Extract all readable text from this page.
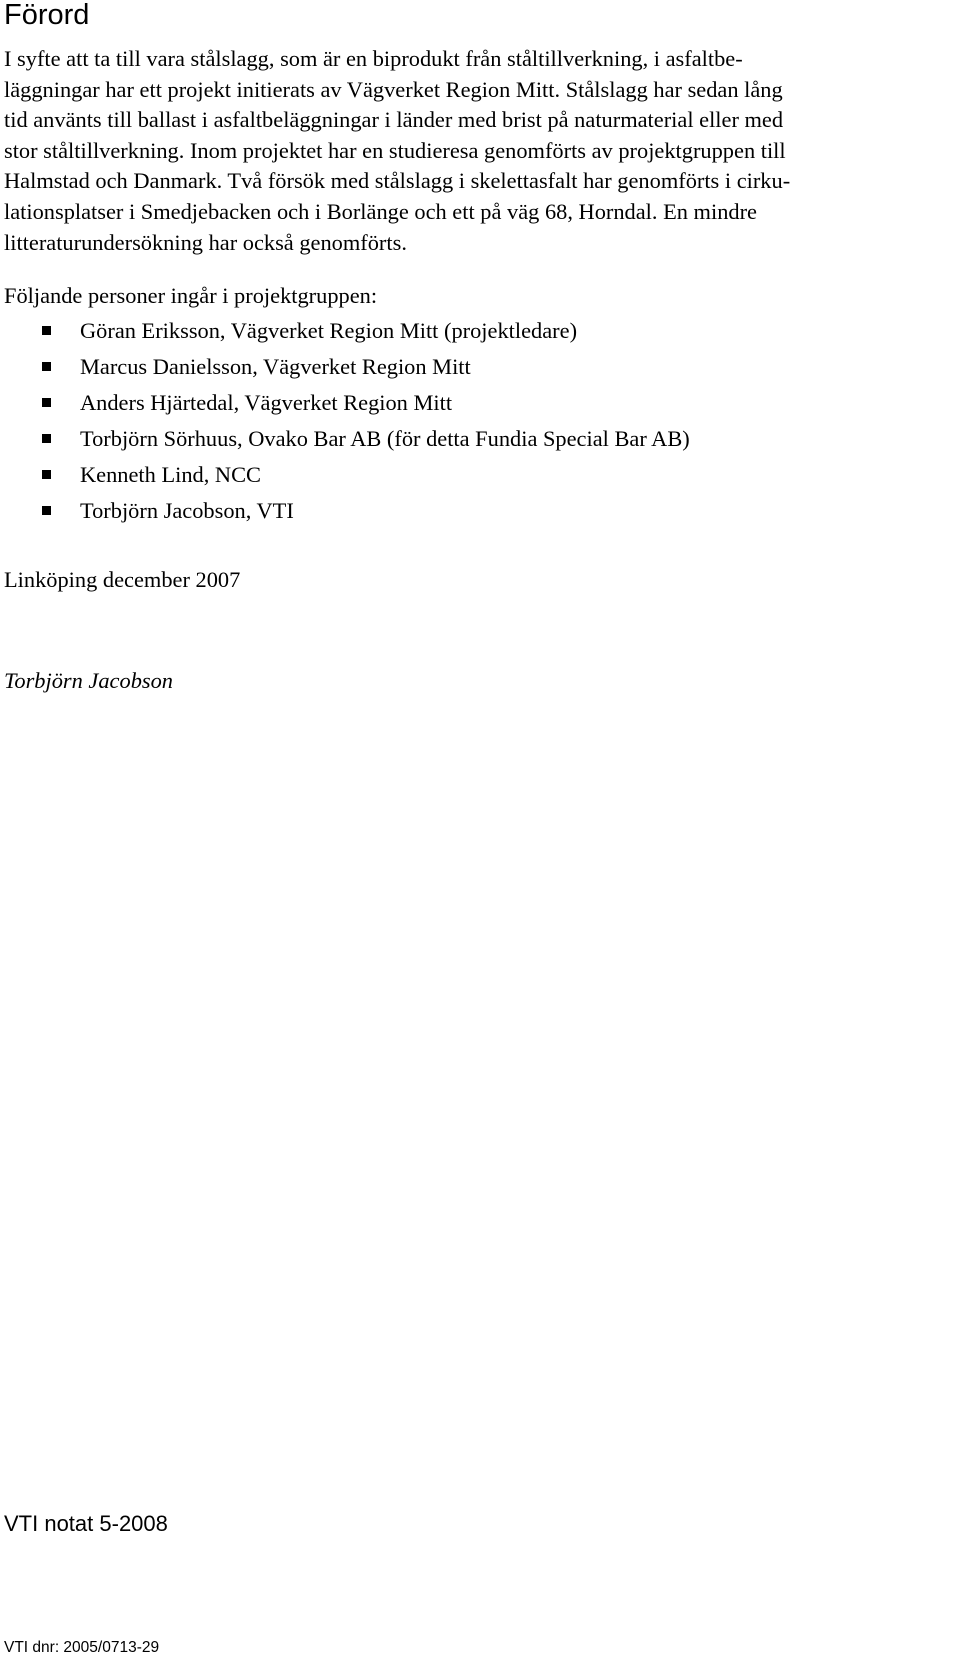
Förord
I syfte att ta till vara stålslagg, som är en biprodukt från ståltillverkning, i asfaltbe-
läggningar har ett projekt initierats av Vägverket Region Mitt. Stålslagg har sedan lång
tid använts till ballast i asfaltbeläggningar i länder med brist på naturmaterial eller med
stor ståltillverkning. Inom projektet har en studieresa genomförts av projektgruppen till
Halmstad och Danmark. Två försök med stålslagg i skelettasfalt har genomförts i cirku-
lationsplatser i Smedjebacken och i Borlänge och ett på väg 68, Horndal. En mindre
litteraturundersökning har också genomförts.

Följande personer ingår i projektgruppen:

Göran Eriksson, Vägverket Region Mitt (projektledare)
Marcus Danielsson, Vägverket Region Mitt
Anders Hjärtedal, Vägverket Region Mitt
Torbjörn Sörhuus, Ovako Bar AB (för detta Fundia Special Bar AB)
Kenneth Lind, NCC
Torbjörn Jacobson, VTI

Linköping december 2007

Torbjörn Jacobson

VTI notat 5-2008

VTI dnr: 2005/0713-29
